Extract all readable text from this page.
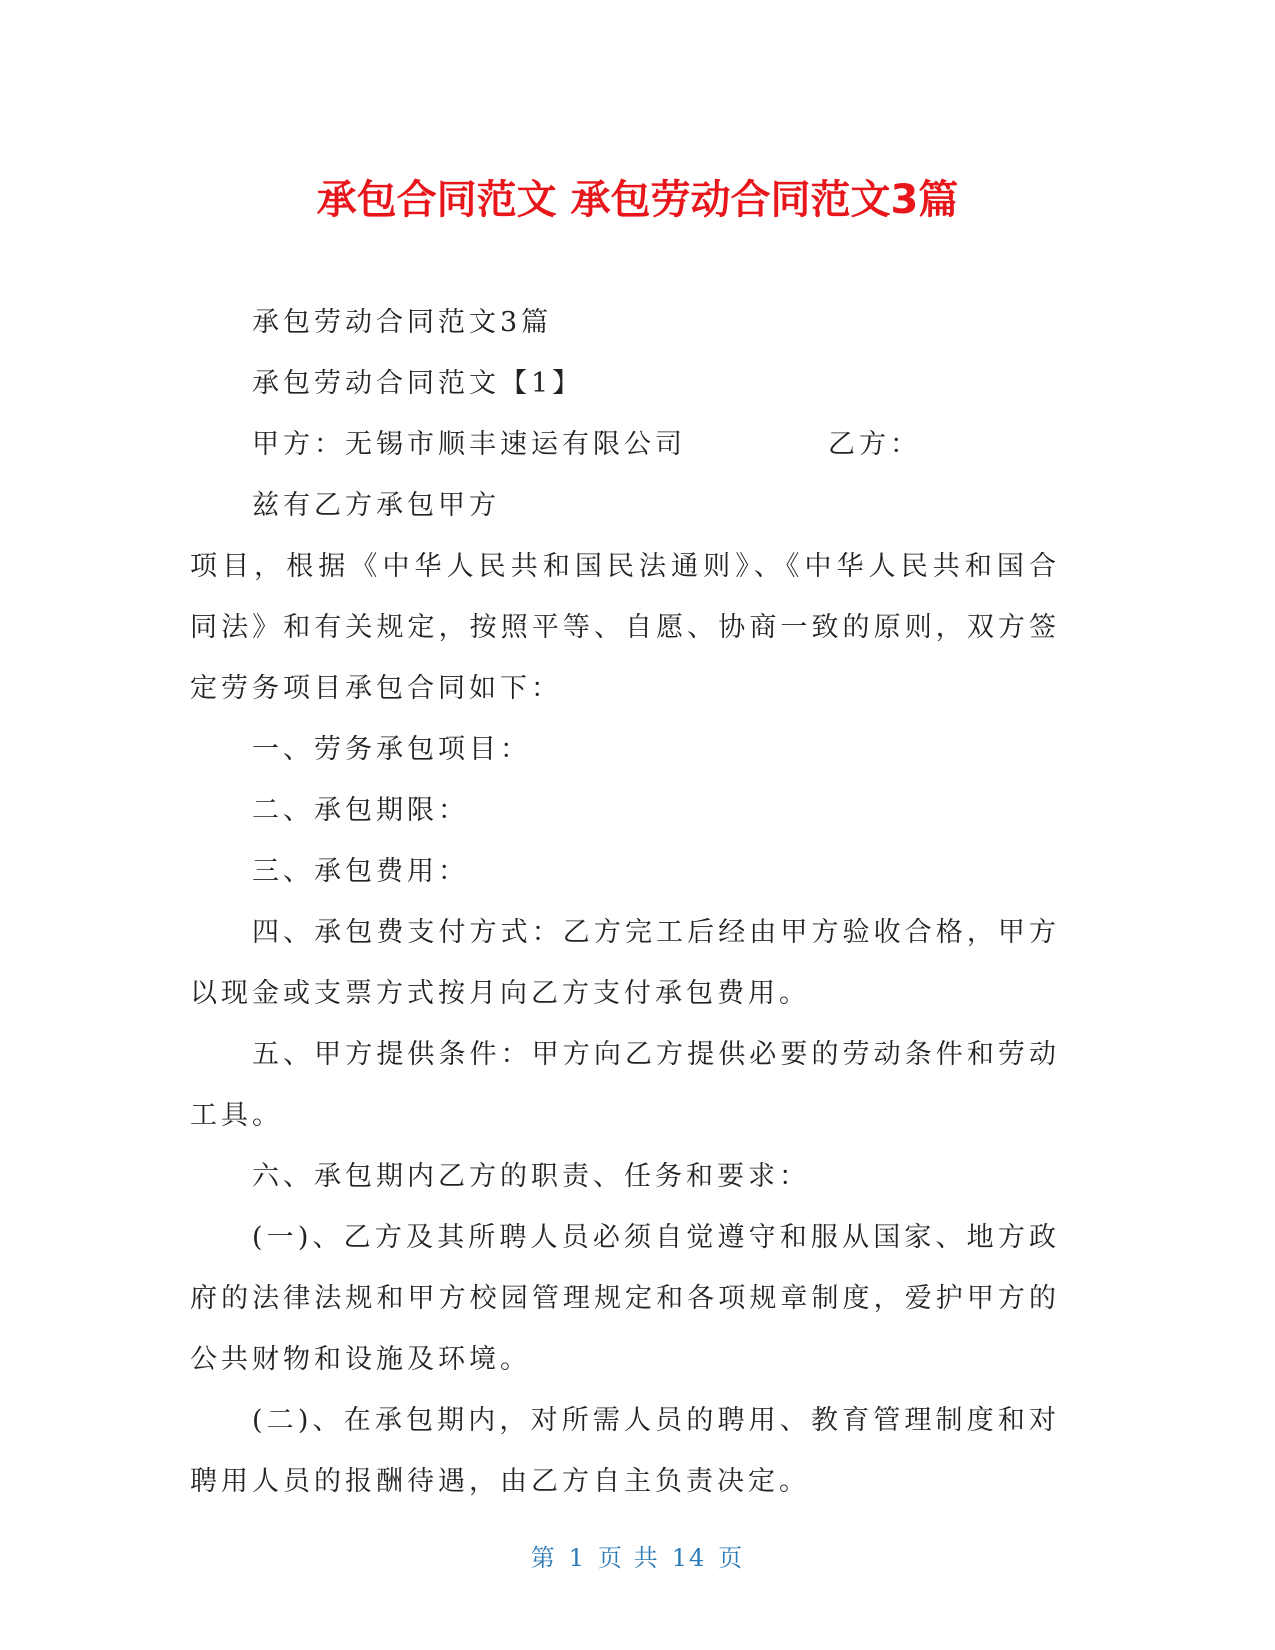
承包合同范文 承包劳动合同范文3篇

承包劳动合同范文3篇

承包劳动合同范文【1】

甲方：无锡市顺丰速运有限公司	乙方：

兹有乙方承包甲方

项目，根据《中华人民共和国民法通则》、《中华人民共和国合同法》和有关规定，按照平等、自愿、协商一致的原则，双方签定劳务项目承包合同如下：

一、劳务承包项目：

二、承包期限：

三、承包费用：

四、承包费支付方式：乙方完工后经由甲方验收合格，甲方以现金或支票方式按月向乙方支付承包费用。

五、甲方提供条件：甲方向乙方提供必要的劳动条件和劳动工具。

六、承包期内乙方的职责、任务和要求：

(一)、乙方及其所聘人员必须自觉遵守和服从国家、地方政府的法律法规和甲方校园管理规定和各项规章制度，爱护甲方的公共财物和设施及环境。

(二)、在承包期内，对所需人员的聘用、教育管理制度和对聘用人员的报酬待遇，由乙方自主负责决定。

第 1 页 共 14 页
